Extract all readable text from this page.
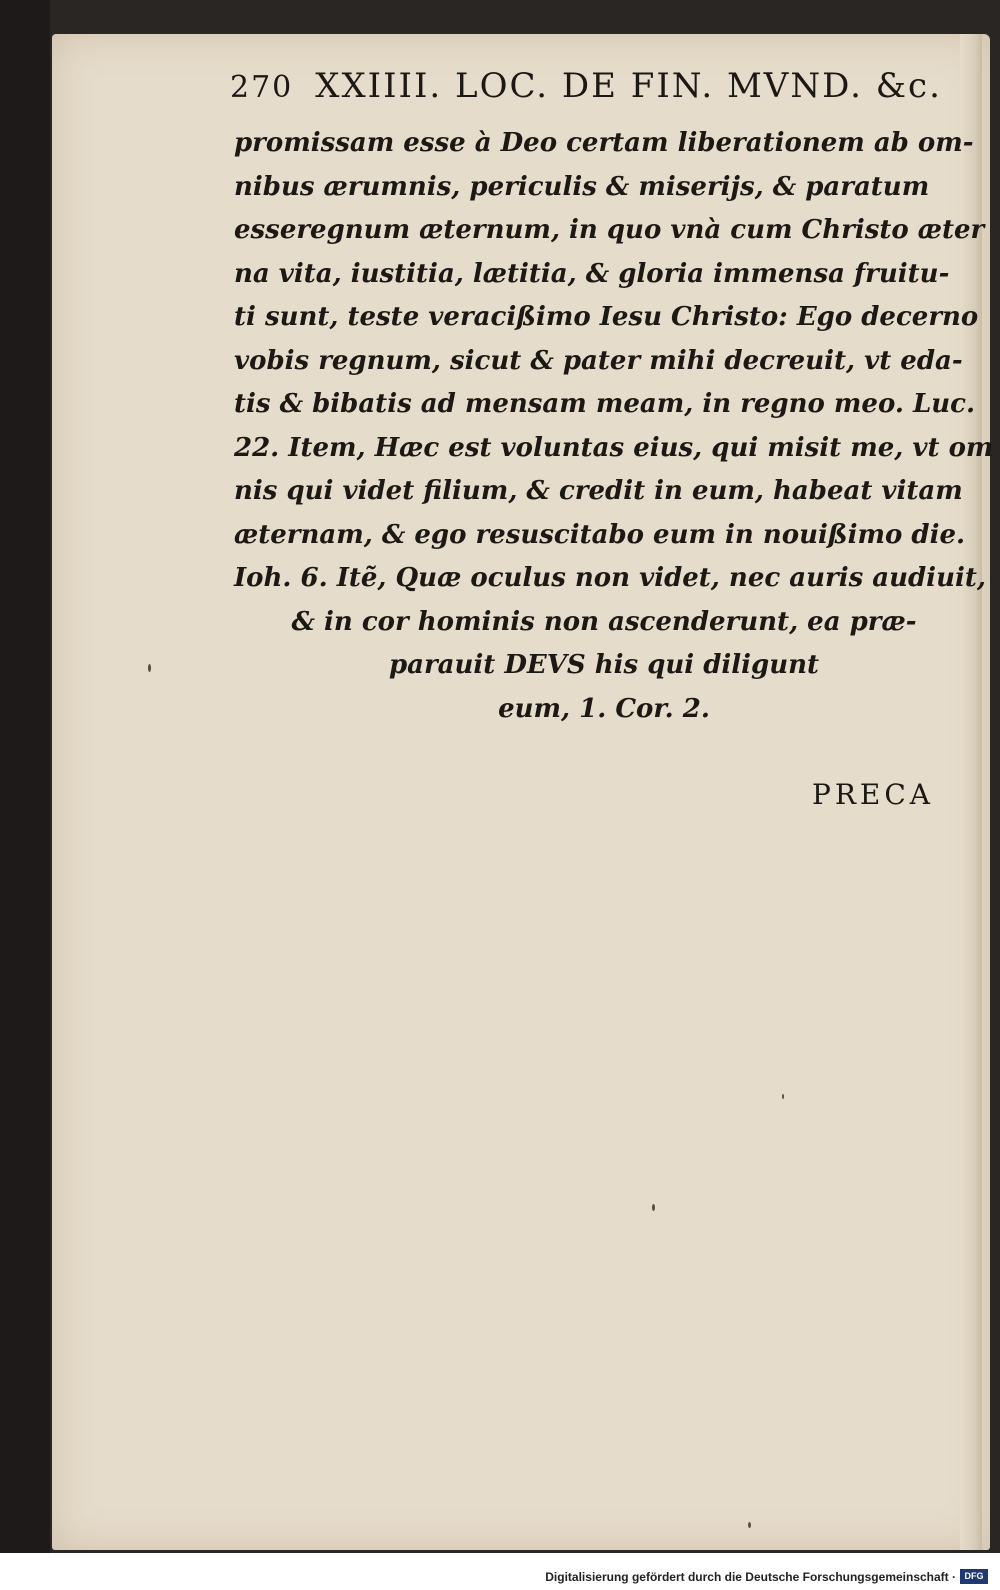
270 XXIIII. LOC. DE FIN. MVND. &c.
promissam esse à Deo certam liberationem ab om-
nibus ærumnis, periculis & miserijs, & paratum
esseregnum æternum, in quo vnà cum Christo æter
na vita, iustitia, lætitia, & gloria immensa fruitu-
ti sunt, teste veracißimo Iesu Christo: Ego decerno
vobis regnum, sicut & pater mihi decreuit, vt eda-
tis & bibatis ad mensam meam, in regno meo. Luc.
22. Item, Hæc est voluntas eius, qui misit me, vt om
nis qui videt filium, & credit in eum, habeat vitam
æternam, & ego resuscitabo eum in nouißimo die.
Ioh. 6. Itẽ, Quæ oculus non videt, nec auris audiuit,
& in cor hominis non ascenderunt, ea præ-
parauit DEVS his qui diligunt
eum, 1. Cor. 2.
PRECA
Digitalisierung gefördert durch die Deutsche Forschungsgemeinschaft · DFG
